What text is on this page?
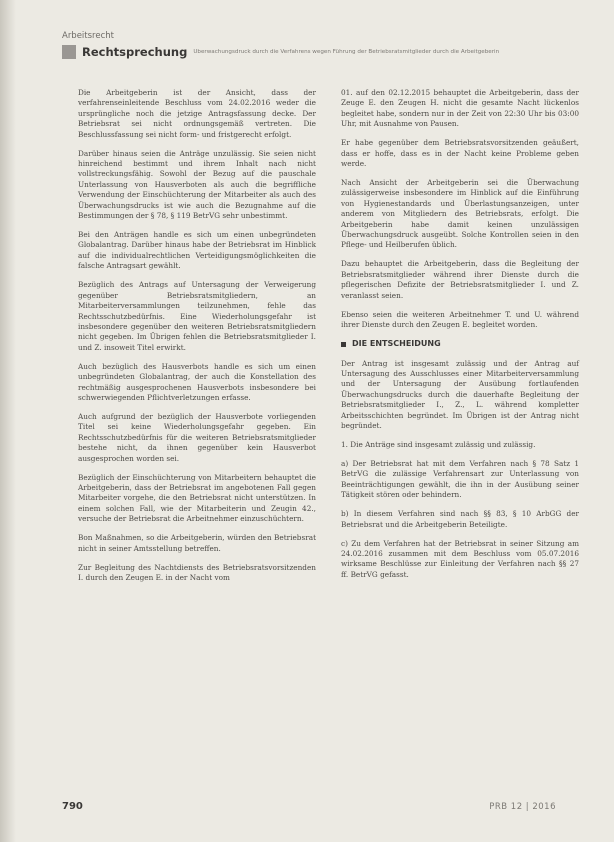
Arbeitsrecht
Rechtsprechung Überwachungsdruck durch die Verfahrens wegen Führung der Betriebsratsmitglieder durch die Arbeitgeberin

Die Arbeitgeberin ist der Ansicht, dass der verfahrenseinleitende Beschluss vom 24.02.2016 weder die ursprüngliche noch die jetzige Antragsfassung decke. Der Betriebsrat sei nicht ordnungsgemäß vertreten. Die Beschlussfassung sei nicht form- und fristgerecht erfolgt.

Darüber hinaus seien die Anträge unzulässig. Sie seien nicht hinreichend bestimmt und ihrem Inhalt nach nicht vollstreckungsfähig. Sowohl der Bezug auf die pauschale Unterlassung von Hausverboten als auch die begriffliche Verwendung der Einschüchterung der Mitarbeiter als auch des Überwachungsdrucks ist wie auch die Bezugnahme auf die Bestimmungen der § 78, § 119 BetrVG sehr unbestimmt.

Bei den Anträgen handle es sich um einen unbegründeten Globalantrag. Darüber hinaus habe der Betriebsrat im Hinblick auf die individualrechtlichen Verteidigungsmöglichkeiten die falsche Antragsart gewählt.

Bezüglich des Antrags auf Untersagung der Verweigerung gegenüber Betriebsratsmitgliedern, an Mitarbeiterversammlungen teilzunehmen, fehle das Rechtsschutzbedürfnis. Eine Wiederholungsgefahr ist insbesondere gegenüber den weiteren Betriebsratsmitgliedern nicht gegeben. Im Übrigen fehlen die Betriebsratsmitglieder I. und Z. insoweit Titel erwirkt.

Auch bezüglich des Hausverbots handle es sich um einen unbegründeten Globalantrag, der auch die Konstellation des rechtmäßig ausgesprochenen Hausverbots insbesondere bei schwerwiegenden Pflichtverletzungen erfasse.

Auch aufgrund der bezüglich der Hausverbote vorliegenden Titel sei keine Wiederholungsgefahr gegeben. Ein Rechtsschutzbedürfnis für die weiteren Betriebsratsmitglieder bestehe nicht, da ihnen gegenüber kein Hausverbot ausgesprochen worden sei.

Bezüglich der Einschüchterung von Mitarbeitern behauptet die Arbeitgeberin, dass der Betriebsrat im angebotenen Fall gegen Mitarbeiter vorgehe, die den Betriebsrat nicht unterstützen. In einem solchen Fall, wie der Mitarbeiterin und Zeugin 42., versuche der Betriebsrat die Arbeitnehmer einzuschüchtern.

Bon Maßnahmen, so die Arbeitgeberin, würden den Betriebsrat nicht in seiner Amtsstellung betreffen.

Zur Begleitung des Nachtdiensts des Betriebsratsvorsitzenden I. durch den Zeugen E. in der Nacht vom

01. auf den 02.12.2015 behauptet die Arbeitgeberin, dass der Zeuge E. den Zeugen H. nicht die gesamte Nacht lückenlos begleitet habe, sondern nur in der Zeit von 22:30 Uhr bis 03:00 Uhr, mit Ausnahme von Pausen.

Er habe gegenüber dem Betriebsratsvorsitzenden geäußert, dass er hoffe, dass es in der Nacht keine Probleme geben werde.

Nach Ansicht der Arbeitgeberin sei die Überwachung zulässigerweise insbesondere im Hinblick auf die Einführung von Hygienestandards und Überlastungsanzeigen, unter anderem von Mitgliedern des Betriebsrats, erfolgt. Die Arbeitgeberin habe damit keinen unzulässigen Überwachungsdruck ausgeübt. Solche Kontrollen seien in den Pflege- und Heilberufen üblich.

Dazu behauptet die Arbeitgeberin, dass die Begleitung der Betriebsratsmitglieder während ihrer Dienste durch die pflegerischen Defizite der Betriebsratsmitglieder I. und Z. veranlasst seien.

Ebenso seien die weiteren Arbeitnehmer T. und U. während ihrer Dienste durch den Zeugen E. begleitet worden.

DIE ENTSCHEIDUNG

Der Antrag ist insgesamt zulässig und der Antrag auf Untersagung des Ausschlusses einer Mitarbeiterversammlung und der Untersagung der Ausübung fortlaufenden Überwachungsdrucks durch die dauerhafte Begleitung der Betriebsratsmitglieder I., Z., L. während kompletter Arbeitsschichten begründet. Im Übrigen ist der Antrag nicht begründet.

1. Die Anträge sind insgesamt zulässig und zulässig.

a) Der Betriebsrat hat mit dem Verfahren nach § 78 Satz 1 BetrVG die zulässige Verfahrensart zur Unterlassung von Beeinträchtigungen gewählt, die ihn in der Ausübung seiner Tätigkeit stören oder behindern.

b) In diesem Verfahren sind nach §§ 83, § 10 ArbGG der Betriebsrat und die Arbeitgeberin Beteiligte.

c) Zu dem Verfahren hat der Betriebsrat in seiner Sitzung am 24.02.2016 zusammen mit dem Beschluss vom 05.07.2016 wirksame Beschlüsse zur Einleitung der Verfahren nach §§ 27 ff. BetrVG gefasst.

790	PRB 12 | 2016
